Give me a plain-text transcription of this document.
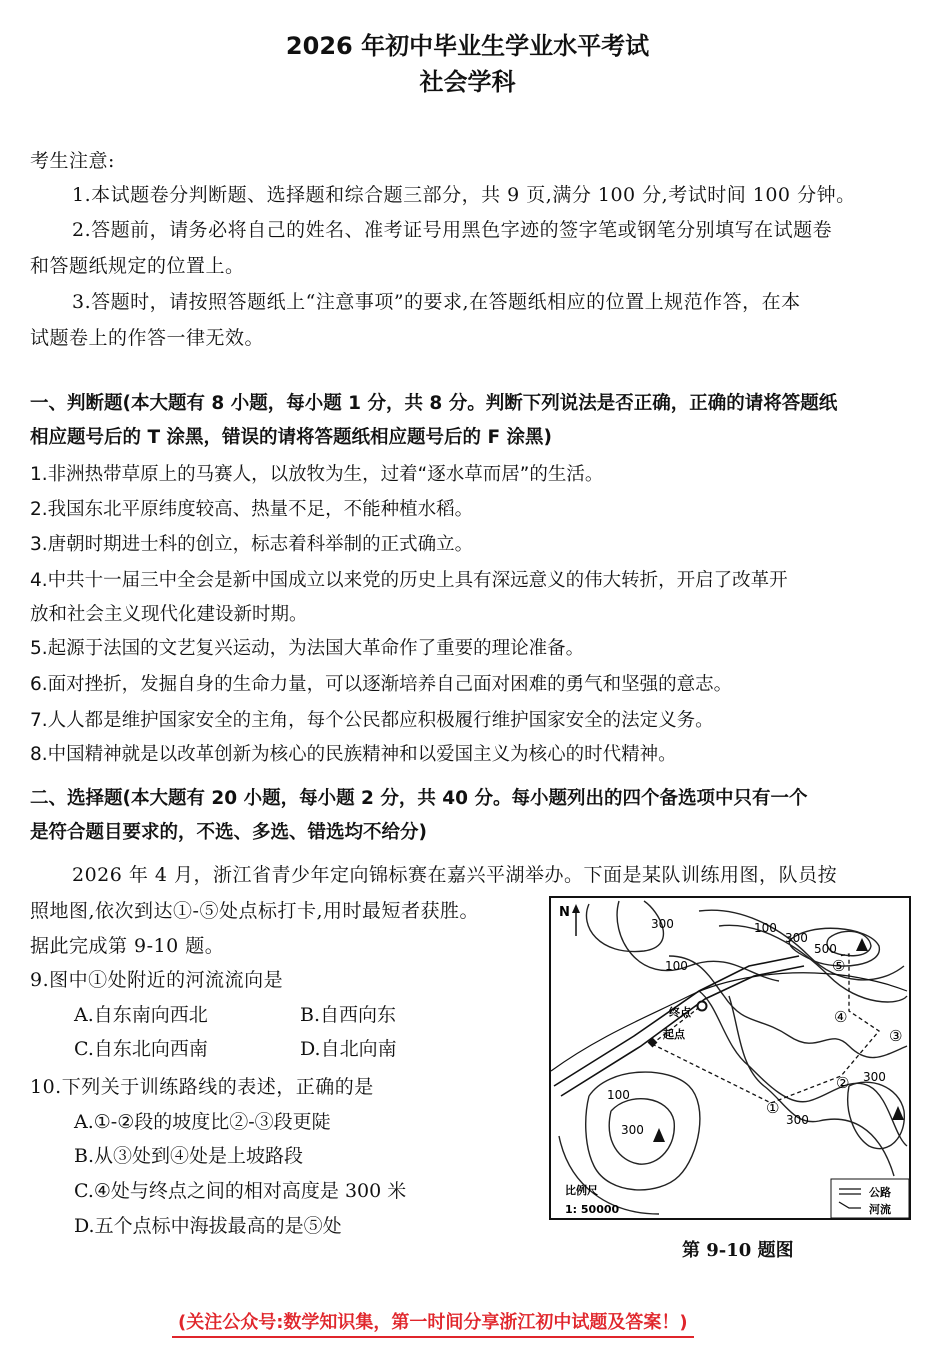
2026 年初中毕业生学业水平考试
社会学科
考生注意:
1.本试题卷分判断题、选择题和综合题三部分，共 9 页,满分 100 分,考试时间 100 分钟。
2.答题前，请务必将自己的姓名、准考证号用黑色字迹的签字笔或钢笔分别填写在试题卷
和答题纸规定的位置上。
3.答题时，请按照答题纸上“注意事项”的要求,在答题纸相应的位置上规范作答，在本
试题卷上的作答一律无效。
一、判断题(本大题有 8 小题，每小题 1 分，共 8 分。判断下列说法是否正确，正确的请将答题纸
相应题号后的 T 涂黑，错误的请将答题纸相应题号后的 F 涂黑)
1.非洲热带草原上的马赛人，以放牧为生，过着“逐水草而居”的生活。
2.我国东北平原纬度较高、热量不足，不能种植水稻。
3.唐朝时期进士科的创立，标志着科举制的正式确立。
4.中共十一届三中全会是新中国成立以来党的历史上具有深远意义的伟大转折，开启了改革开
放和社会主义现代化建设新时期。
5.起源于法国的文艺复兴运动，为法国大革命作了重要的理论准备。
6.面对挫折，发掘自身的生命力量，可以逐渐培养自己面对困难的勇气和坚强的意志。
7.人人都是维护国家安全的主角，每个公民都应积极履行维护国家安全的法定义务。
8.中国精神就是以改革创新为核心的民族精神和以爱国主义为核心的时代精神。
二、选择题(本大题有 20 小题，每小题 2 分，共 40 分。每小题列出的四个备选项中只有一个
是符合题目要求的，不选、多选、错选均不给分)
2026 年 4 月，浙江省青少年定向锦标赛在嘉兴平湖举办。下面是某队训练用图，队员按
照地图,依次到达①-⑤处点标打卡,用时最短者获胜。
据此完成第 9-10 题。
9.图中①处附近的河流流向是
A.自东南向西北	B.自西向东
C.自东北向西南	D.自北向南
10.下列关于训练路线的表述，正确的是
A.①-②段的坡度比②-③段更陡
B.从③处到④处是上坡路段
C.④处与终点之间的相对高度是 300 米
D.五个点标中海拔最高的是⑤处
N
300
100
300
500
100
100
300
300
300
终点
起点
①
②
③
④
⑤
比例尺
1: 50000
公路
河流
第 9-10 题图
(关注公众号:数学知识集，第一时间分享浙江初中试题及答案！)
